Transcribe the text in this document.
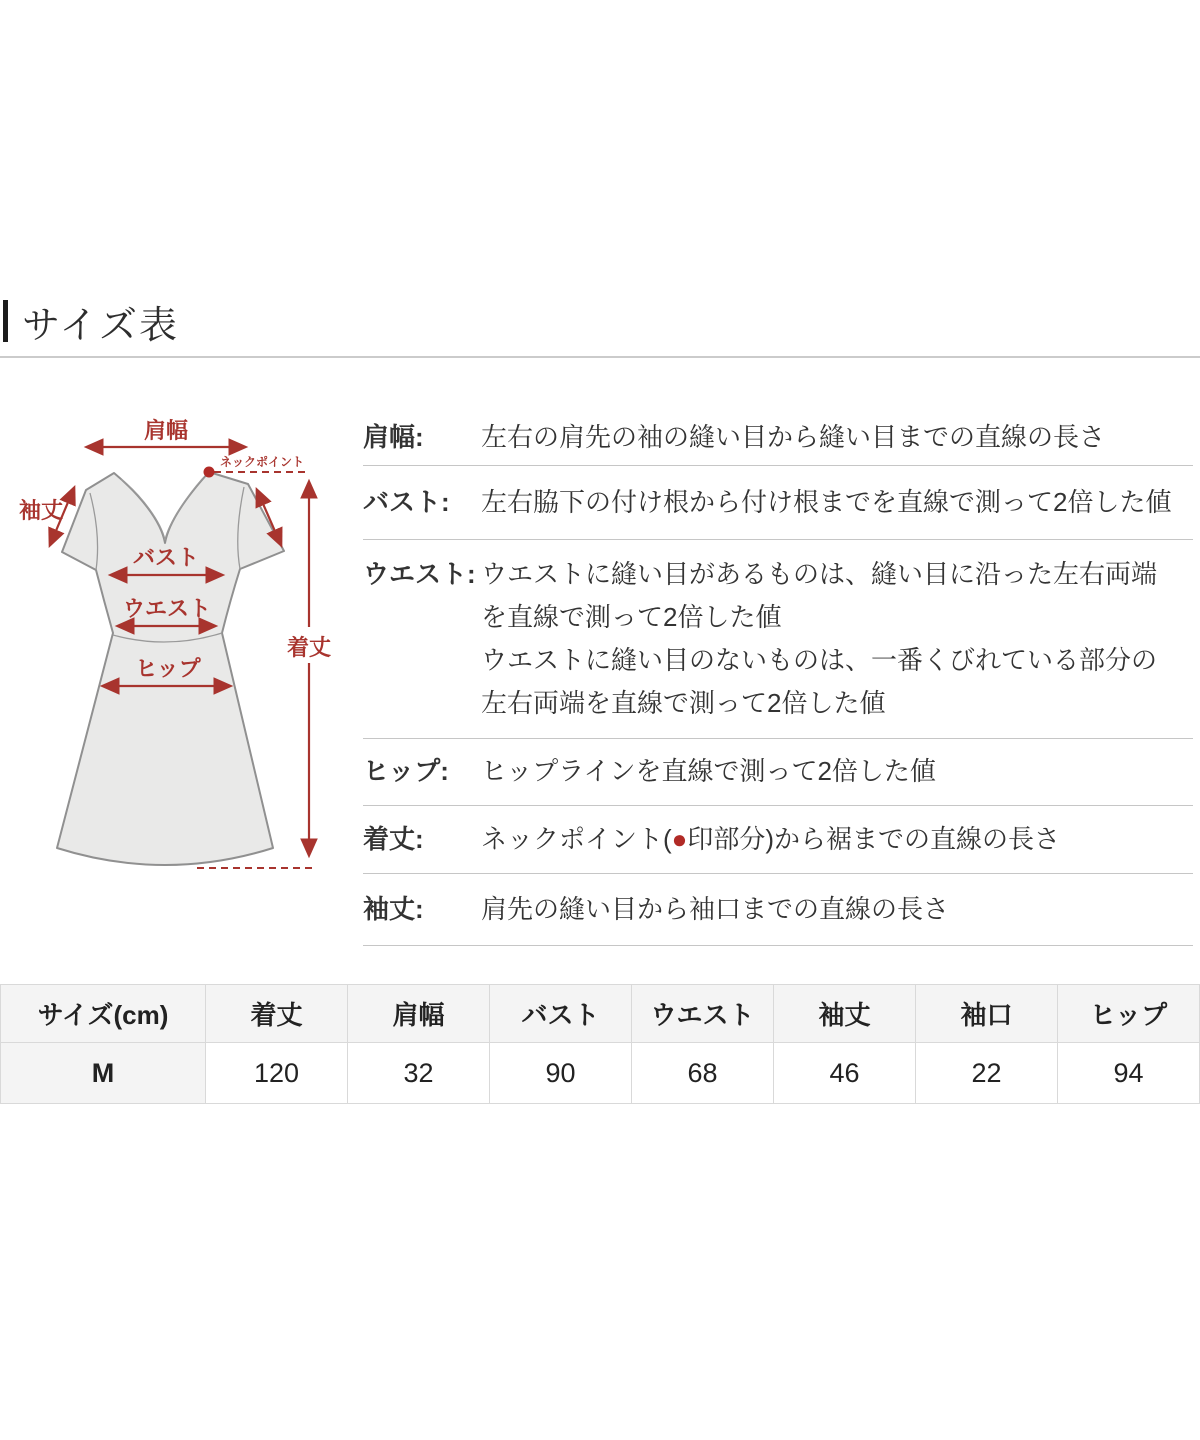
サイズ表
肩幅
ネックポイント
袖丈
バスト
ウエスト
ヒップ
着丈
肩幅:	左右の肩先の袖の縫い目から縫い目までの直線の長さ
バスト:	左右脇下の付け根から付け根までを直線で測って2倍した値
ウエスト: ウエストに縫い目があるものは、縫い目に沿った左右両端
を直線で測って2倍した値
ウエストに縫い目のないものは、一番くびれている部分の
左右両端を直線で測って2倍した値
ヒップ:	ヒップラインを直線で測って2倍した値
着丈:	ネックポイント(●印部分)から裾までの直線の長さ
袖丈:	肩先の縫い目から袖口までの直線の長さ
サイズ(cm)	着丈	肩幅	バスト	ウエスト	袖丈	袖口	ヒップ
M	120	32	90	68	46	22	94
